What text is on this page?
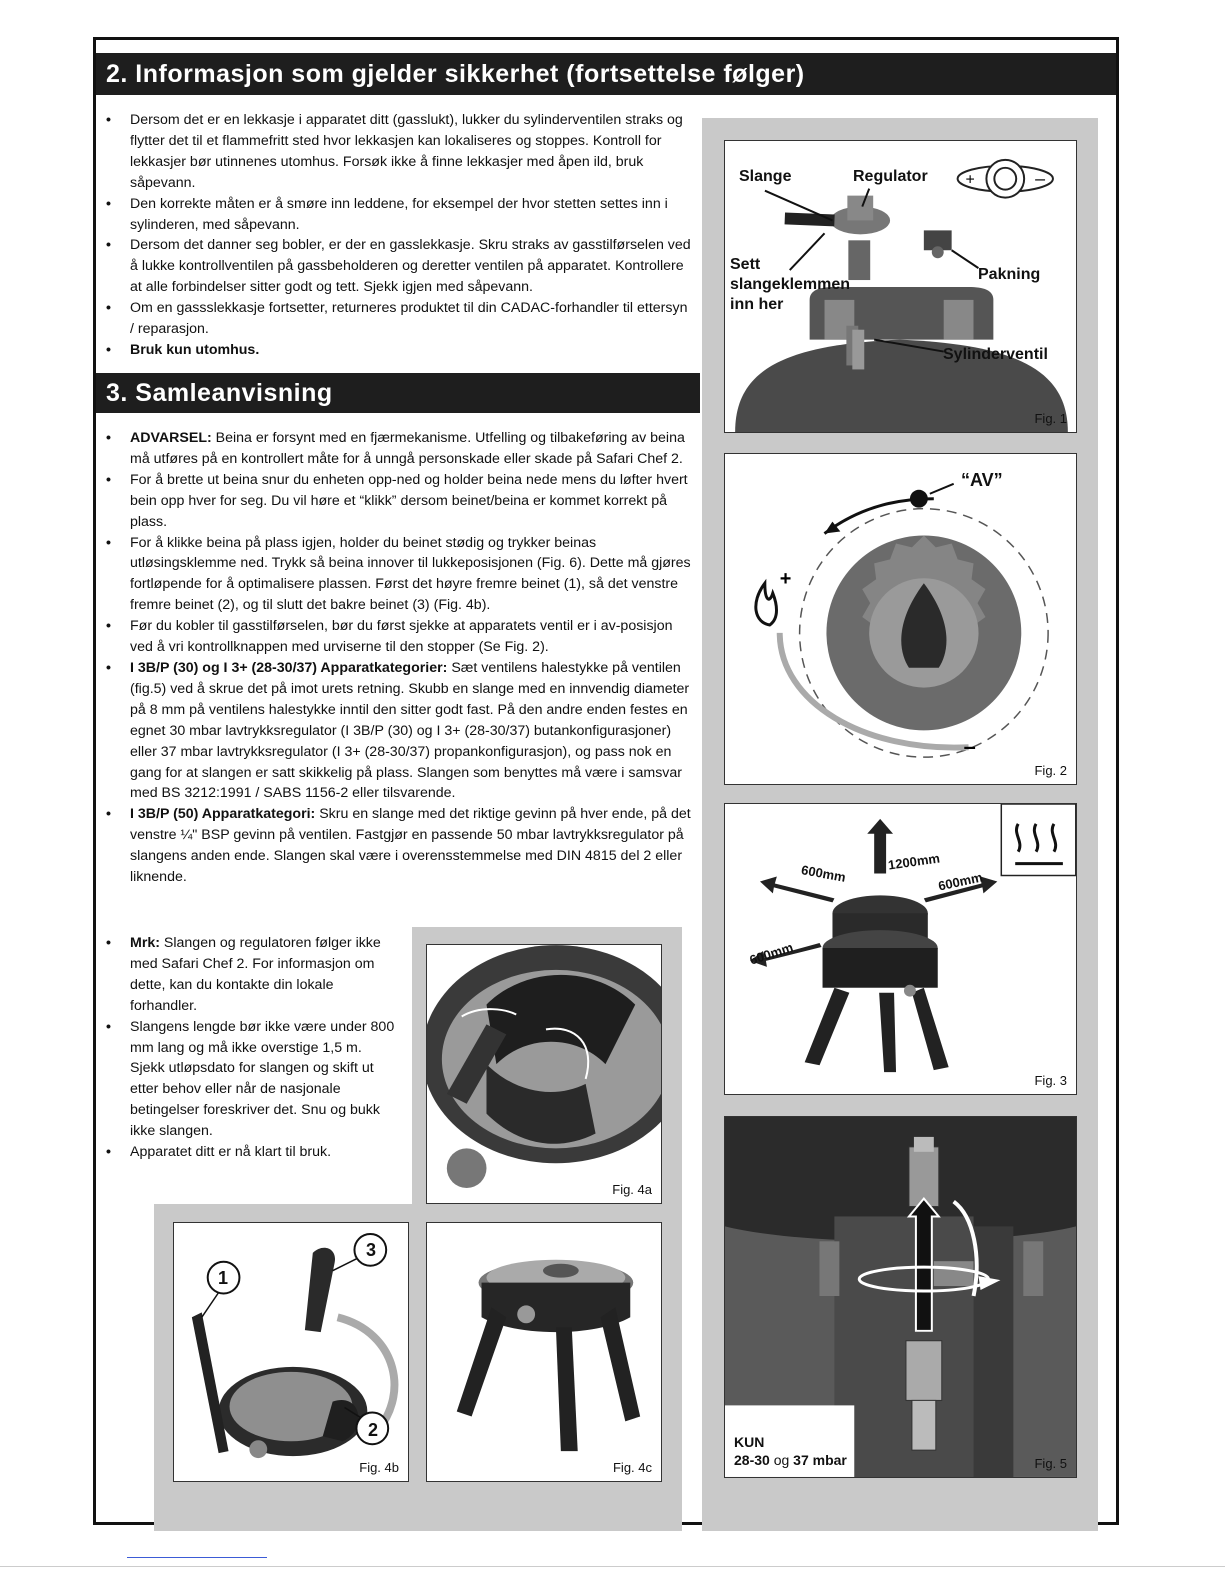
2. Informasjon som gjelder sikkerhet (fortsettelse følger)
• Dersom det er en lekkasje i apparatet ditt (gasslukt), lukker du sylinderventilen straks og flytter det til et flammefritt sted hvor lekkasjen kan lokaliseres og stoppes. Kontroll for lekkasjer bør utinnenes utomhus. Forsøk ikke å finne lekkasjer med åpen ild, bruk såpevann.
• Den korrekte måten er å smøre inn leddene, for eksempel der hvor stetten settes inn i sylinderen, med såpevann.
• Dersom det danner seg bobler, er der en gasslekkasje. Skru straks av gasstilførselen ved å lukke kontrollventilen på gassbeholderen og deretter ventilen på apparatet. Kontrollere at alle forbindelser sitter godt og tett. Sjekk igjen med såpevann.
• Om en gassslekkasje fortsetter, returneres produktet til din CADAC-forhandler til ettersyn / reparasjon.
• Bruk kun utomhus.
3. Samleanvisning
• ADVARSEL: Beina er forsynt med en fjærmekanisme. Utfelling og tilbakeføring av beina må utføres på en kontrollert måte for å unngå personskade eller skade på Safari Chef 2.
• For å brette ut beina snur du enheten opp-ned og holder beina nede mens du løfter hvert bein opp hver for seg. Du vil høre et “klikk” dersom beinet/beina er kommet korrekt på plass.
• For å klikke beina på plass igjen, holder du beinet stødig og trykker beinas utløsingsklemme ned. Trykk så beina innover til lukkeposisjonen (Fig. 6). Dette må gjøres fortløpende for å optimalisere plassen. Først det høyre fremre beinet (1), så det venstre fremre beinet (2), og til slutt det bakre beinet (3) (Fig. 4b).
• Før du kobler til gasstilførselen, bør du først sjekke at apparatets ventil er i av-posisjon ved å vri kontrollknappen med urviserne til den stopper (Se Fig. 2).
• I 3B/P (30) og I 3+ (28-30/37) Apparatkategorier: Sæt ventilens halestykke på ventilen (fig.5) ved å skrue det på imot urets retning. Skubb en slange med en innvendig diameter på 8 mm på ventilens halestykke inntil den sitter godt fast. På den andre enden festes en egnet 30 mbar lavtrykksregulator (I 3B/P (30) og I 3+ (28-30/37) butankonfigurasjoner) eller 37 mbar lavtrykksregulator (I 3+ (28-30/37) propankonfigurasjon), og pass nok en gang for at slangen er satt skikkelig på plass. Slangen som benyttes må være i samsvar med BS 3212:1991 / SABS 1156-2 eller tilsvarende.
• I 3B/P (50) Apparatkategori: Skru en slange med det riktige gevinn på hver ende, på det venstre ¼" BSP gevinn på ventilen. Fastgjør en passende 50 mbar lavtrykksregulator på slangens anden ende. Slangen skal være i overensstemmelse med DIN 4815 del 2 eller liknende.
• Mrk: Slangen og regulatoren følger ikke med Safari Chef 2. For informasjon om dette, kan du kontakte din lokale forhandler.
• Slangens lengde bør ikke være under 800 mm lang og må ikke overstige 1,5 m. Sjekk utløpsdato for slangen og skift ut etter behov eller når de nasjonale betingelser foreskriver det. Snu og bukk ikke slangen.
• Apparatet ditt er nå klart til bruk.
+	–
Slange	Regulator
Sett slangeklemmen inn her
Pakning
Sylinderventil
Fig. 1
+
–
“AV”
Fig. 2
600mm
1200mm
600mm
600mm
Fig. 3
KUN
28-30 og 37 mbar	Fig. 5
Fig. 4a
1
3
2
Fig. 4b	Fig. 4c
